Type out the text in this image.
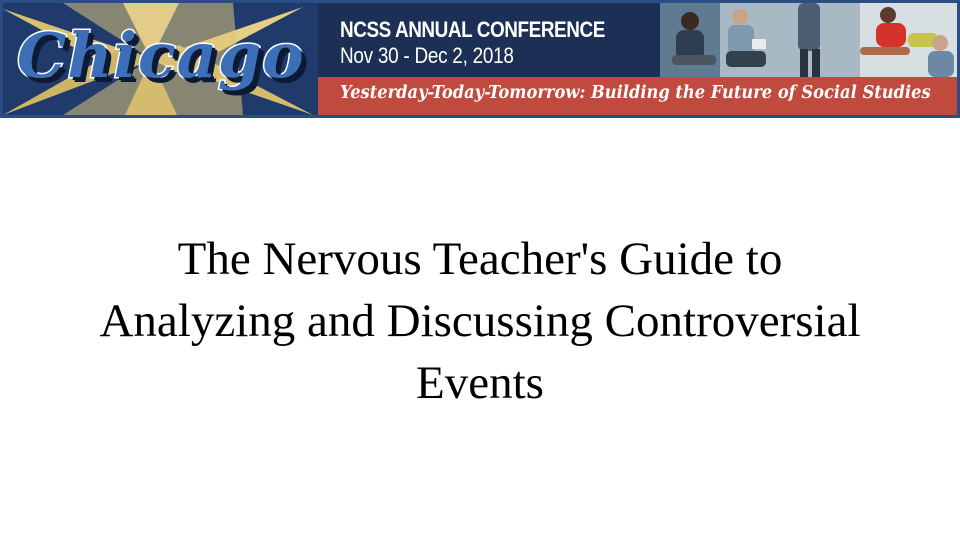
Chicago NCSS ANNUAL CONFERENCE
Nov 30 - Dec 2, 2018
Yesterday-Today-Tomorrow: Building the Future of Social Studies
The Nervous Teacher's Guide to
Analyzing and Discussing Controversial
Events
